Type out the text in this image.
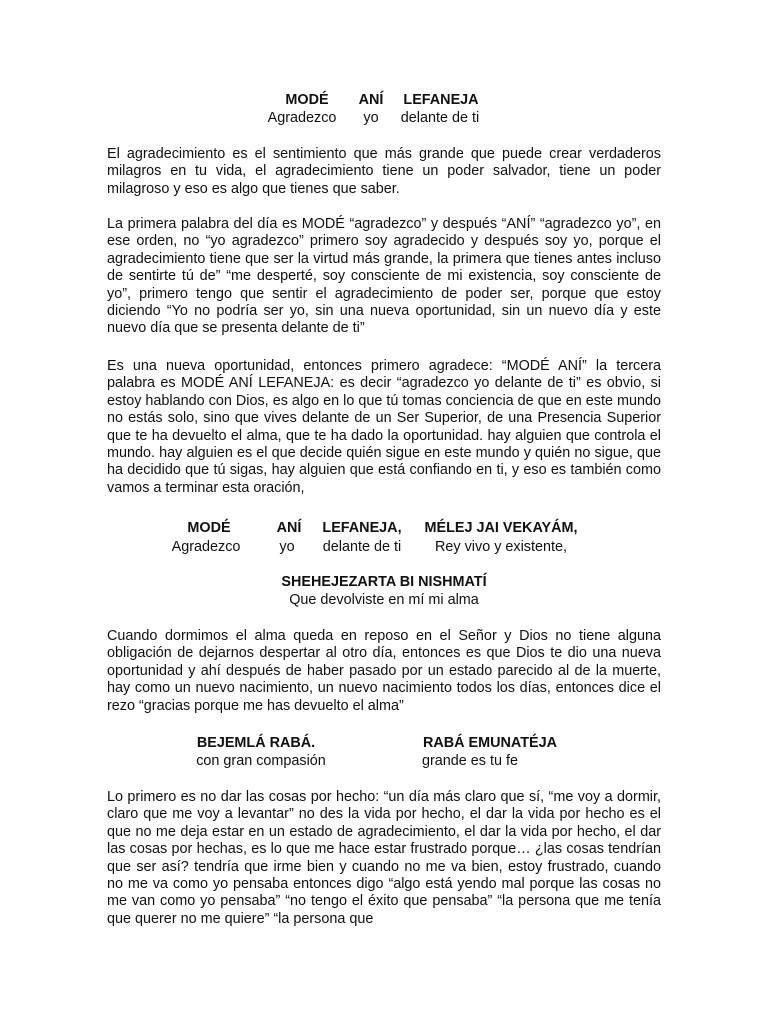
MODÉ	ANÍ	LEFANEJA
Agradezco	yo	delante de ti

El agradecimiento es el sentimiento que más grande que puede crear verdaderos milagros en tu vida, el agradecimiento tiene un poder salvador, tiene un poder milagroso y eso es algo que tienes que saber.

La primera palabra del día es MODÉ “agradezco” y después “ANÍ” “agradezco yo”, en ese orden, no “yo agradezco” primero soy agradecido y después soy yo, porque el agradecimiento tiene que ser la virtud más grande, la primera que tienes antes incluso de sentirte tú de” “me desperté, soy consciente de mi existencia, soy consciente de yo”, primero tengo que sentir el agradecimiento de poder ser, porque que estoy diciendo “Yo no podría ser yo, sin una nueva oportunidad, sin un nuevo día y este nuevo día que se presenta delante de ti”

Es una nueva oportunidad, entonces primero agradece: “MODÉ ANÍ” la tercera palabra es MODÉ ANÍ LEFANEJA: es decir “agradezco yo delante de ti” es obvio, si estoy hablando con Dios, es algo en lo que tú tomas conciencia de que en este mundo no estás solo, sino que vives delante de un Ser Superior, de una Presencia Superior que te ha devuelto el alma, que te ha dado la oportunidad. hay alguien que controla el mundo. hay alguien es el que decide quién sigue en este mundo y quién no sigue, que ha decidido que tú sigas, hay alguien que está confiando en ti, y eso es también como vamos a terminar esta oración,

MODÉ	ANÍ	LEFANEJA,	MÉLEJ JAI VEKAYÁM,
Agradezco	yo	delante de ti	Rey vivo y existente,
SHEHEJEZARTA BI NISHMATÍ
Que devolviste en mí mi alma

Cuando dormimos el alma queda en reposo en el Señor y Dios no tiene alguna obligación de dejarnos despertar al otro día, entonces es que Dios te dio una nueva oportunidad y ahí después de haber pasado por un estado parecido al de la muerte, hay como un nuevo nacimiento, un nuevo nacimiento todos los días, entonces dice el rezo “gracias porque me has devuelto el alma”

BEJEMLÁ RABÁ.	RABÁ EMUNATÉJA
con gran compasión	grande es tu fe

Lo primero es no dar las cosas por hecho: “un día más claro que sí, “me voy a dormir, claro que me voy a levantar” no des la vida por hecho, el dar la vida por hecho es el que no me deja estar en un estado de agradecimiento, el dar la vida por hecho, el dar las cosas por hechas, es lo que me hace estar frustrado porque… ¿las cosas tendrían que ser así? tendría que irme bien y cuando no me va bien, estoy frustrado, cuando no me va como yo pensaba entonces digo “algo está yendo mal porque las cosas no me van como yo pensaba” “no tengo el éxito que pensaba” “la persona que me tenía que querer no me quiere” “la persona que
